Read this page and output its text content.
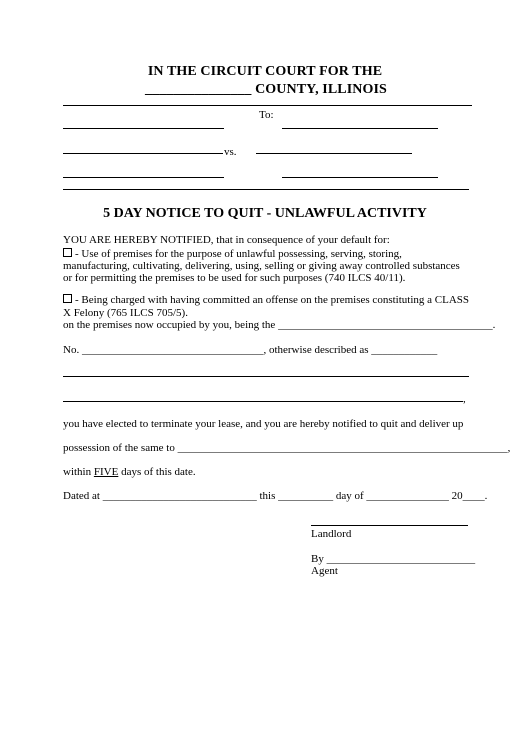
IN THE CIRCUIT COURT FOR THE
_______________ COUNTY, ILLINOIS
To:
vs.
5 DAY NOTICE TO QUIT - UNLAWFUL ACTIVITY
YOU ARE HEREBY NOTIFIED, that in consequence of your default for:
- Use of premises for the purpose of unlawful possessing, serving, storing,
manufacturing, cultivating, delivering, using, selling or giving away controlled substances
or for permitting the premises to be used for such purposes (740 ILCS 40/11).
- Being charged with having committed an offense on the premises constituting a CLASS
X Felony (765 ILCS 705/5).
on the premises now occupied by you, being the _______________________________________.
No. _________________________________, otherwise described as ____________
,
you have elected to terminate your lease, and you are hereby notified to quit and deliver up
possession of the same to ____________________________________________________________,
within FIVE days of this date.
Dated at ____________________________ this __________ day of _______________ 20____.
Landlord
By ___________________________
Agent
